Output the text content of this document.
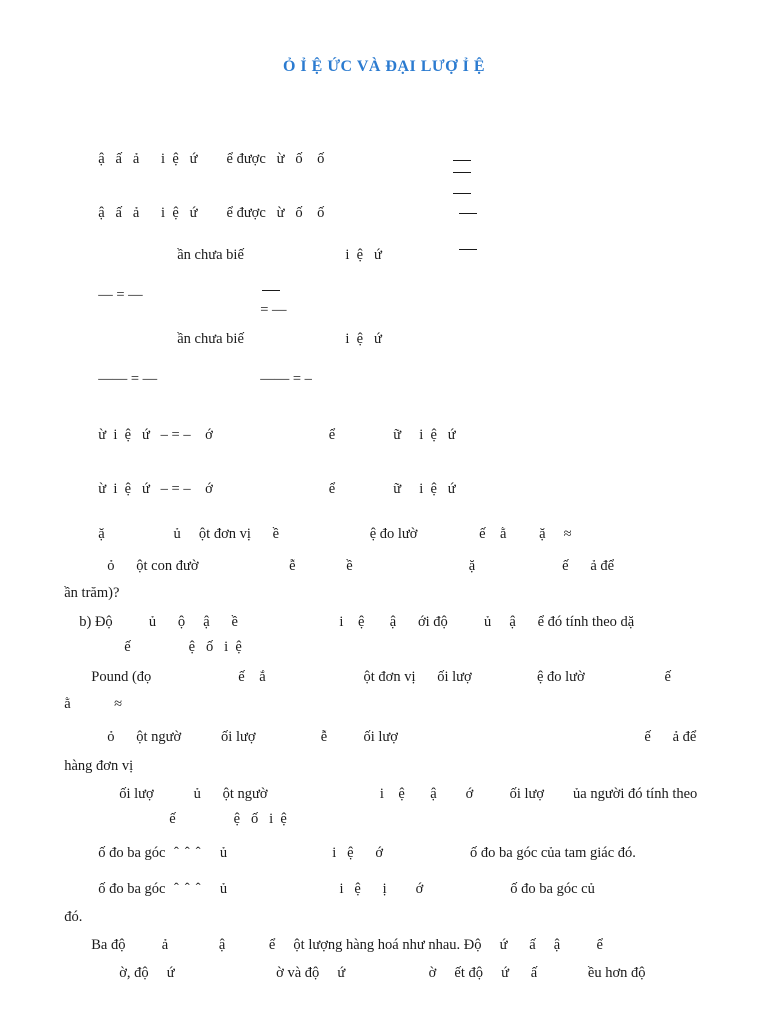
Ỏ Ỉ Ệ ỨC VÀ ĐẠI LƯỢ Ỉ Ệ

ậ   ấ   ả      i  ệ   ứ        ể được   ừ   ố    ố

ậ   ấ   ả      i  ệ   ứ        ể được   ừ   ố    ố

ần chưa biế                            i  ệ   ứ

— = —

= —

ần chưa biế                            i  ệ   ứ

—— = —	—— = –

ừ  i  ệ   ứ   – = –    ớ                                ể                ữ     i  ệ   ứ

ừ  i  ệ   ứ   – = –    ớ                                ể                ữ     i  ệ   ứ

ặ                   ủ     ột đơn vị      ề                         ệ đo lườ                 ế    ằ         ặ     ≈

ỏ      ột con đườ                         ễ              ề                                ặ                        ế      ả để

ần trăm)?

b) Độ          ủ      ộ     ậ      ề                            i    ệ       ậ      ới độ          ủ     ậ      ể đó tính theo dặ

ế                ệ   ố   i  ệ

Pound (đọ                        ế    ắ                           ột đơn vị      ối lượ                  ệ đo lườ                      ế

ằ            ≈

ỏ      ột ngườ           ối lượ                  ễ          ối lượ                                                                    ế      ả để

hàng đơn vị

ối lượ           ủ      ột ngườ                               i    ệ       ậ        ớ          ối lượ        ủa người đó tính theo

ế                ệ   ố   i  ệ

ố đo ba góc   ̂   ̂   ̂      ủ                             i   ệ      ớ                        ố đo ba góc của tam giác đó.

ố đo ba góc   ̂   ̂   ̂      ủ                               i   ệ      ị        ớ                        ố đo ba góc củ

đó.

Ba độ          ả              ậ            ể     ột lượng hàng hoá như nhau. Độ     ứ      ấ     ậ          ể

ờ, độ     ứ                            ờ và độ     ứ                       ờ     ết độ     ứ      ấ              ều hơn độ
